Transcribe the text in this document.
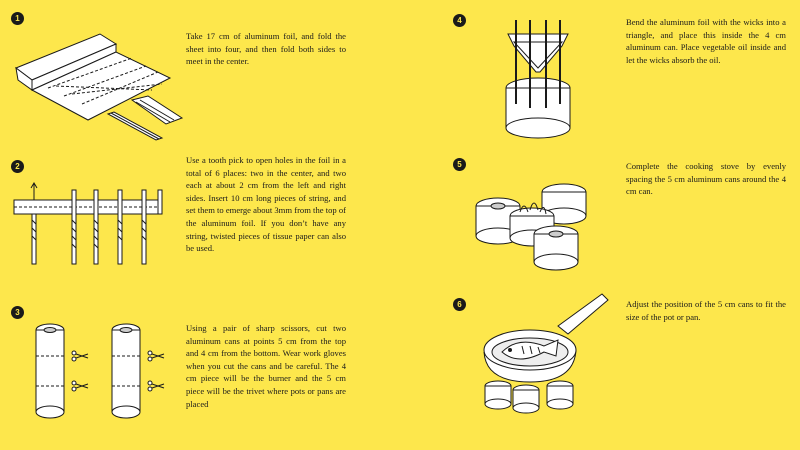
1

Take 17 cm of aluminum foil, and fold the sheet into four, and then fold both sides to meet in the center.

2

Use a tooth pick to open holes in the foil in a total of 6 places: two in the center, and two each at about 2 cm from the left and right sides. Insert 10 cm long pieces of string, and set them to emerge about 3mm from the top of the aluminum foil. If you don’t have any string, twisted pieces of tissue paper can also be used.

3

Using a pair of sharp scissors, cut two aluminum cans at points 5 cm from the top and 4 cm from the bottom. Wear work gloves when you cut the cans and be careful. The 4 cm piece will be the burner and the 5 cm piece will be the trivet where pots or pans are placed

4	Bend the aluminum foil with the wicks into a triangle, and place this inside the 4 cm aluminum can. Place vegetable oil inside and let the wicks absorb the oil.

5	Complete the cooking stove by evenly spacing the 5 cm aluminum cans around the 4 cm can.

6	Adjust the position of the 5 cm cans to fit the size of the pot or pan.
